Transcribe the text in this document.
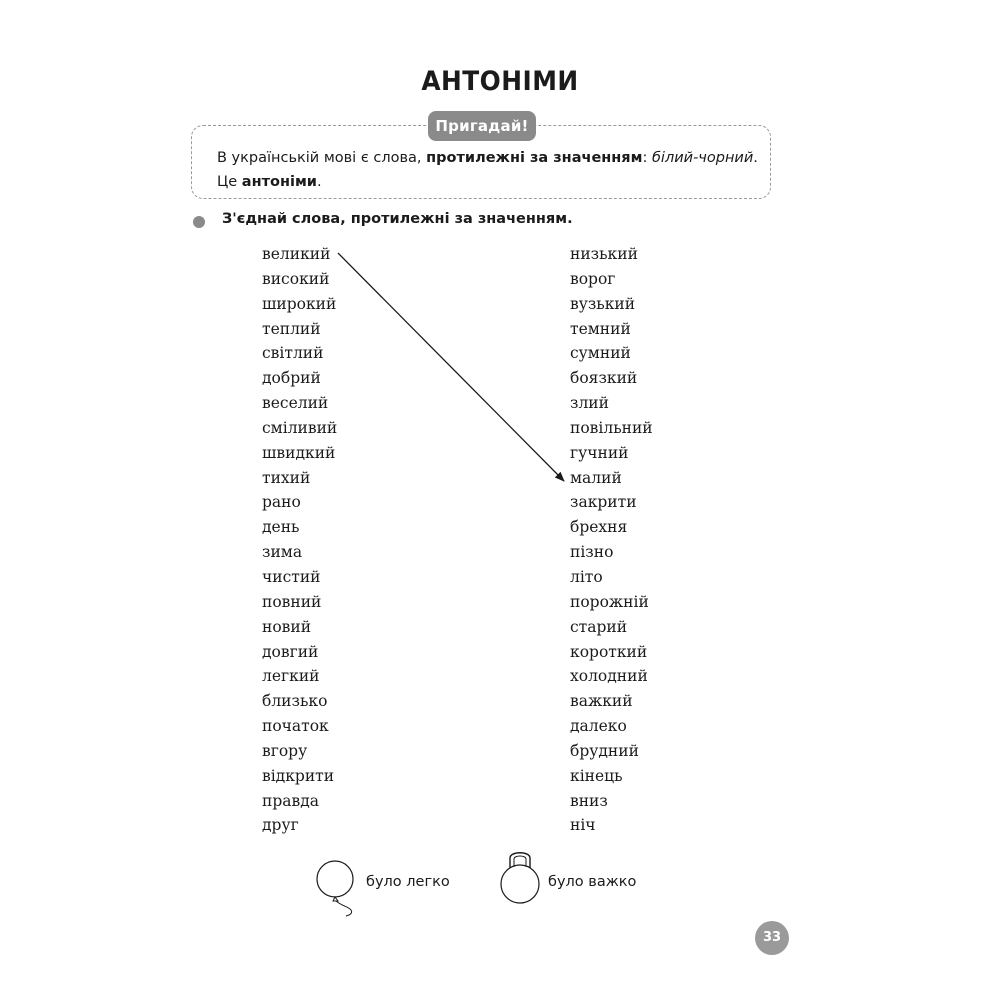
АНТОНІМИ
Пригадай!
В українській мові є слова, протилежні за значенням: білий-чорний.
Це антоніми.
З'єднай слова, протилежні за значенням.
великий
високий
широкий
теплий
світлий
добрий
веселий
сміливий
швидкий
тихий
рано
день
зима
чистий
повний
новий
довгий
легкий
близько
початок
вгору
відкрити
правда
друг
низький
ворог
вузький
темний
сумний
боязкий
злий
повільний
гучний
малий
закрити
брехня
пізно
літо
порожній
старий
короткий
холодний
важкий
далеко
брудний
кінець
вниз
ніч
було легко	було важко
33
